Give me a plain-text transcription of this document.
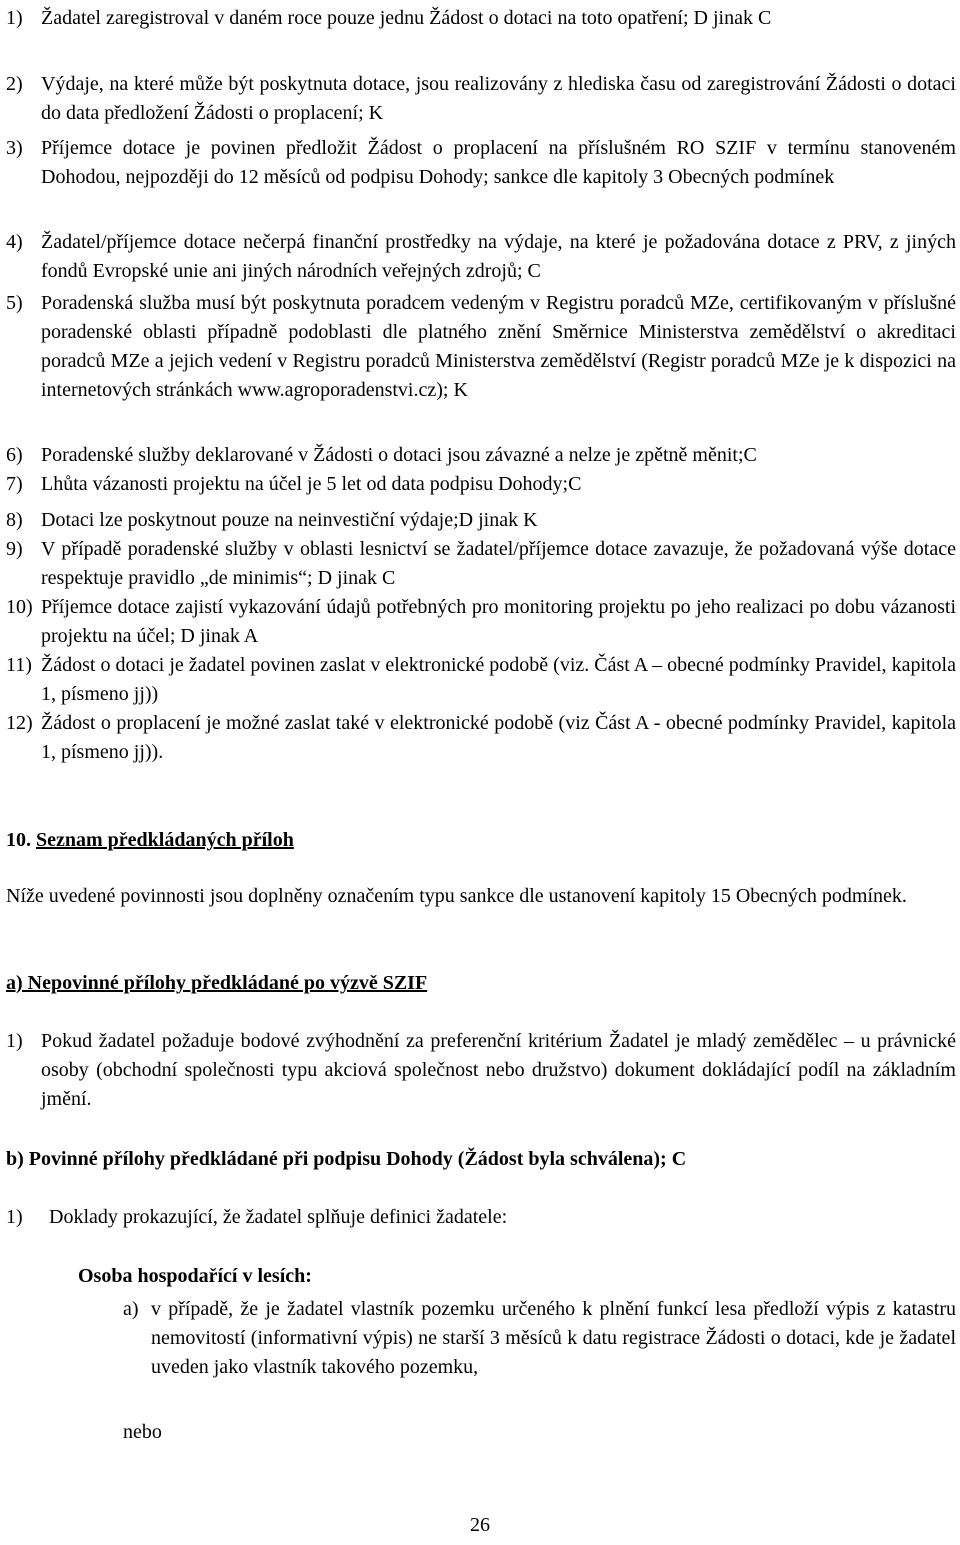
1) Žadatel zaregistroval v daném roce pouze jednu Žádost o dotaci na toto opatření; D jinak C
2) Výdaje, na které může být poskytnuta dotace, jsou realizovány z hlediska času od zaregistrování Žádosti o dotaci do data předložení Žádosti o proplacení; K
3) Příjemce dotace je povinen předložit Žádost o proplacení na příslušném RO SZIF v termínu stanoveném Dohodou, nejpozději do 12 měsíců od podpisu Dohody; sankce dle kapitoly 3 Obecných podmínek
4) Žadatel/příjemce dotace nečerpá finanční prostředky na výdaje, na které je požadována dotace z PRV, z jiných fondů Evropské unie ani jiných národních veřejných zdrojů; C
5) Poradenská služba musí být poskytnuta poradcem vedeným v Registru poradců MZe, certifikovaným v příslušné poradenské oblasti případně podoblasti dle platného znění Směrnice Ministerstva zemědělství o akreditaci poradců MZe a jejich vedení v Registru poradců Ministerstva zemědělství (Registr poradců MZe je k dispozici na internetových stránkách www.agroporadenstvi.cz); K
6) Poradenské služby deklarované v Žádosti o dotaci jsou závazné a nelze je zpětně měnit;C
7) Lhůta vázanosti projektu na účel je 5 let od data podpisu Dohody;C
8) Dotaci lze poskytnout pouze na neinvestiční výdaje;D jinak K
9) V případě poradenské služby v oblasti lesnictví se žadatel/příjemce dotace zavazuje, že požadovaná výše dotace respektuje pravidlo „de minimis“; D jinak C
10) Příjemce dotace zajistí vykazování údajů potřebných pro monitoring projektu po jeho realizaci po dobu vázanosti projektu na účel; D jinak A
11) Žádost o dotaci je žadatel povinen zaslat v elektronické podobě (viz. Část A – obecné podmínky Pravidel, kapitola 1, písmeno jj))
12) Žádost o proplacení je možné zaslat také v elektronické podobě (viz Část A - obecné podmínky Pravidel, kapitola 1, písmeno jj)).
10. Seznam předkládaných příloh
Níže uvedené povinnosti jsou doplněny označením typu sankce dle ustanovení kapitoly 15 Obecných podmínek.
a) Nepovinné přílohy předkládané po výzvě SZIF
1) Pokud žadatel požaduje bodové zvýhodnění za preferenční kritérium Žadatel je mladý zemědělec – u právnické osoby (obchodní společnosti typu akciová společnost nebo družstvo) dokument dokládající podíl na základním jmění.
b) Povinné přílohy předkládané při podpisu Dohody (Žádost byla schválena); C
1) Doklady prokazující, že žadatel splňuje definici žadatele:
Osoba hospodařící v lesích:
a) v případě, že je žadatel vlastník pozemku určeného k plnění funkcí lesa předloží výpis z katastru nemovitostí (informativní výpis) ne starší 3 měsíců k datu registrace Žádosti o dotaci, kde je žadatel uveden jako vlastník takového pozemku,
nebo
26
